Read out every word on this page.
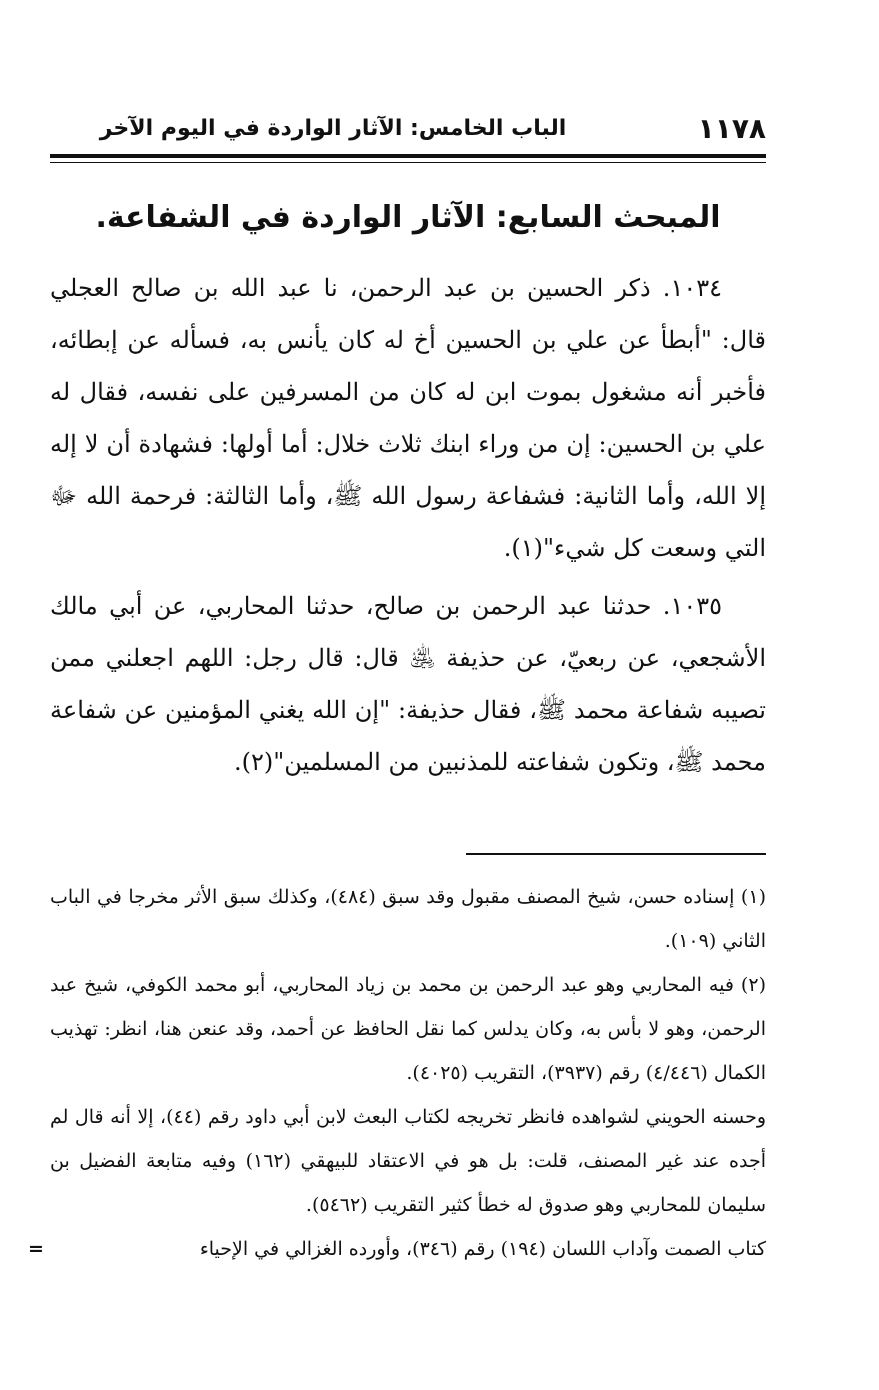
١١٧٨
الباب الخامس: الآثار الواردة في اليوم الآخر
المبحث السابع: الآثار الواردة في الشفاعة.

١٠٣٤. ذكر الحسين بن عبد الرحمن، نا عبد الله بن صالح العجلي قال: "أبطأ عن علي بن الحسين أخ له كان يأنس به، فسأله عن إبطائه، فأخبر أنه مشغول بموت ابن له كان من المسرفين على نفسه، فقال له علي بن الحسين: إن من وراء ابنك ثلاث خلال: أما أولها: فشهادة أن لا إله إلا الله، وأما الثانية: فشفاعة رسول الله ﷺ، وأما الثالثة: فرحمة الله ﷻ التي وسعت كل شيء"(١).

١٠٣٥. حدثنا عبد الرحمن بن صالح، حدثنا المحاربي، عن أبي مالك الأشجعي، عن ربعيّ، عن حذيفة ﵁ قال: قال رجل: اللهم اجعلني ممن تصيبه شفاعة محمد ﷺ، فقال حذيفة: "إن الله يغني المؤمنين عن شفاعة محمد ﷺ، وتكون شفاعته للمذنبين من المسلمين"(٢).

(١) إسناده حسن، شيخ المصنف مقبول وقد سبق (٤٨٤)، وكذلك سبق الأثر مخرجا في الباب الثاني (١٠٩).

(٢) فيه المحاربي وهو عبد الرحمن بن محمد بن زياد المحاربي، أبو محمد الكوفي، شيخ عبد الرحمن، وهو لا بأس به، وكان يدلس كما نقل الحافظ عن أحمد، وقد عنعن هنا، انظر: تهذيب الكمال (٤/٤٤٦) رقم (٣٩٣٧)، التقريب (٤٠٢٥).

وحسنه الحويني لشواهده فانظر تخريجه لكتاب البعث لابن أبي داود رقم (٤٤)، إلا أنه قال لم أجده عند غير المصنف، قلت: بل هو في الاعتقاد للبيهقي (١٦٢) وفيه متابعة الفضيل بن سليمان للمحاربي وهو صدوق له خطأ كثير التقريب (٥٤٦٢).

كتاب الصمت وآداب اللسان (١٩٤) رقم (٣٤٦)، وأورده الغزالي في الإحياء
=
